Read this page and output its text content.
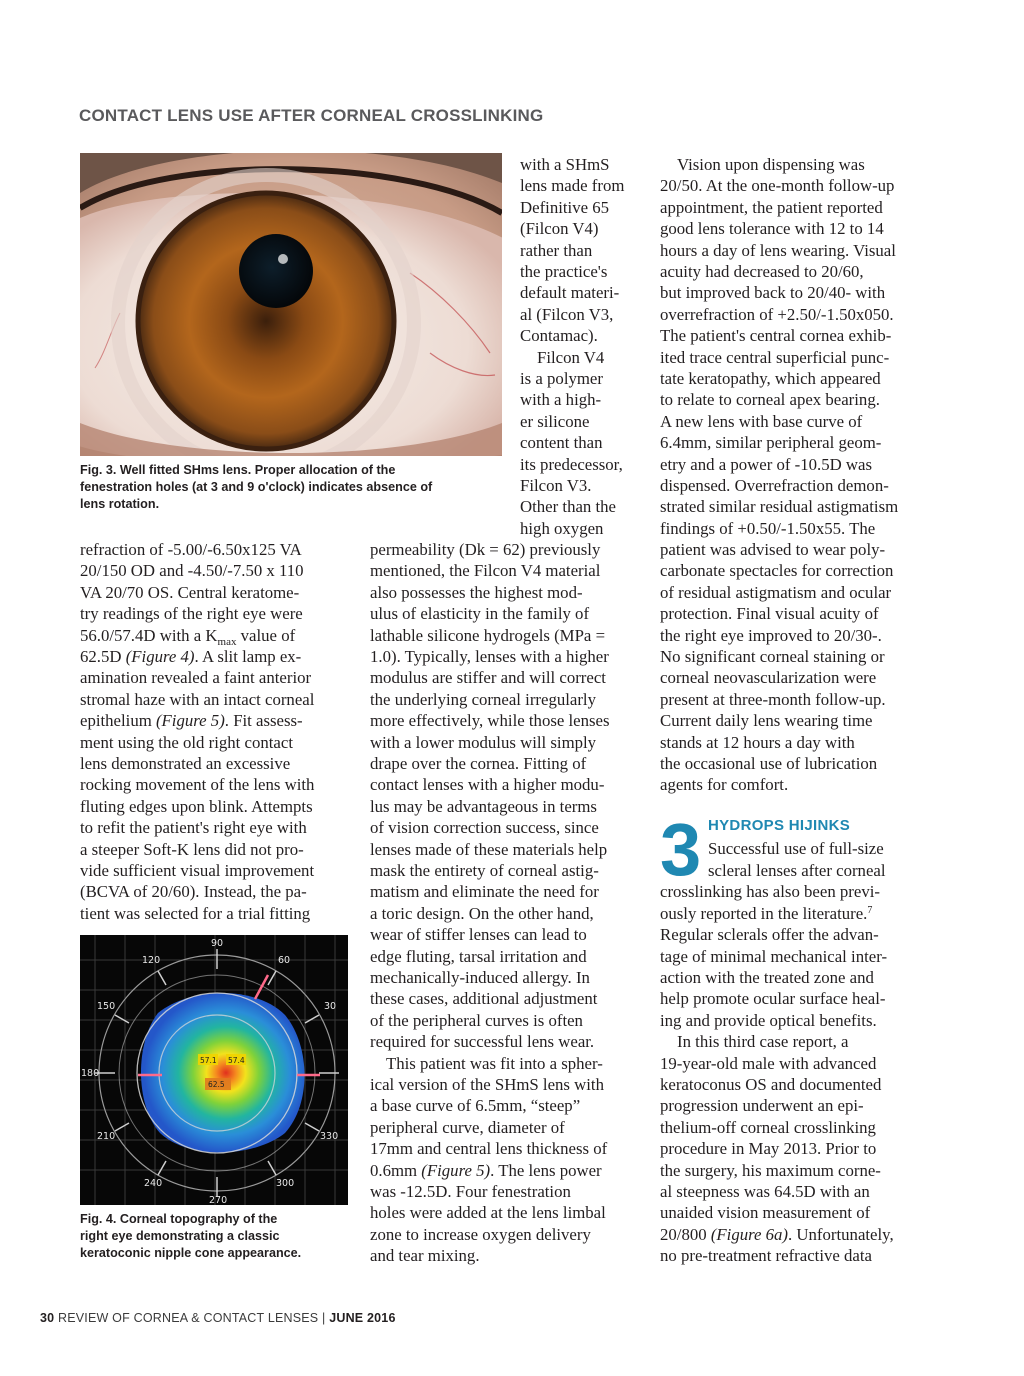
CONTACT LENS USE AFTER CORNEAL CROSSLINKING
Fig. 3. Well fitted SHms lens. Proper allocation of the
fenestration holes (at 3 and 9 o'clock) indicates absence of
lens rotation.
with a SHmS
lens made from
Definitive 65
(Filcon V4)
rather than
the practice's
default materi-
al (Filcon V3,
Contamac).
Filcon V4
is a polymer
with a high-
er silicone
content than
its predecessor,
Filcon V3.
Other than the
high oxygen
refraction of -5.00/-6.50x125 VA
20/150 OD and -4.50/-7.50 x 110
VA 20/70 OS. Central keratome-
try readings of the right eye were
56.0/57.4D with a $K_{max}$ value of
62.5D (Figure 4). A slit lamp ex-
amination revealed a faint anterior
stromal haze with an intact corneal
epithelium (Figure 5). Fit assess-
ment using the old right contact
lens demonstrated an excessive
rocking movement of the lens with
fluting edges upon blink. Attempts
to refit the patient's right eye with
a steeper Soft-K lens did not pro-
vide sufficient visual improvement
(BCVA of 20/60). Instead, the pa-
tient was selected for a trial fitting
90
120	60
150	30
180
210	330
240	300
270
57.1
62.5
57.4
Fig. 4. Corneal topography of the
right eye demonstrating a classic
keratoconic nipple cone appearance.
permeability (Dk = 62) previously
mentioned, the Filcon V4 material
also possesses the highest mod-
ulus of elasticity in the family of
lathable silicone hydrogels (MPa =
1.0). Typically, lenses with a higher
modulus are stiffer and will correct
the underlying corneal irregularly
more effectively, while those lenses
with a lower modulus will simply
drape over the cornea. Fitting of
contact lenses with a higher modu-
lus may be advantageous in terms
of vision correction success, since
lenses made of these materials help
mask the entirety of corneal astig-
matism and eliminate the need for
a toric design. On the other hand,
wear of stiffer lenses can lead to
edge fluting, tarsal irritation and
mechanically-induced allergy. In
these cases, additional adjustment
of the peripheral curves is often
required for successful lens wear.
This patient was fit into a spher-
ical version of the SHmS lens with
a base curve of 6.5mm, “steep”
peripheral curve, diameter of
17mm and central lens thickness of
0.6mm (Figure 5). The lens power
was -12.5D. Four fenestration
holes were added at the lens limbal
zone to increase oxygen delivery
and tear mixing.
Vision upon dispensing was
20/50. At the one-month follow-up
appointment, the patient reported
good lens tolerance with 12 to 14
hours a day of lens wearing. Visual
acuity had decreased to 20/60,
but improved back to 20/40- with
overrefraction of +2.50/-1.50x050.
The patient's central cornea exhib-
ited trace central superficial punc-
tate keratopathy, which appeared
to relate to corneal apex bearing.
A new lens with base curve of
6.4mm, similar peripheral geom-
etry and a power of -10.5D was
dispensed. Overrefraction demon-
strated similar residual astigmatism
findings of +0.50/-1.50x55. The
patient was advised to wear poly-
carbonate spectacles for correction
of residual astigmatism and ocular
protection. Final visual acuity of
the right eye improved to 20/30-.
No significant corneal staining or
corneal neovascularization were
present at three-month follow-up.
Current daily lens wearing time
stands at 12 hours a day with
the occasional use of lubrication
agents for comfort.
3 HYDROPS HIJINKS
Successful use of full-size
scleral lenses after corneal
crosslinking has also been previ-
ously reported in the literature.$^7$
Regular sclerals offer the advan-
tage of minimal mechanical inter-
action with the treated zone and
help promote ocular surface heal-
ing and provide optical benefits.
In this third case report, a
19-year-old male with advanced
keratoconus OS and documented
progression underwent an epi-
thelium-off corneal crosslinking
procedure in May 2013. Prior to
the surgery, his maximum corne-
al steepness was 64.5D with an
unaided vision measurement of
20/800 (Figure 6a). Unfortunately,
no pre-treatment refractive data
30 REVIEW OF CORNEA & CONTACT LENSES | JUNE 2016
